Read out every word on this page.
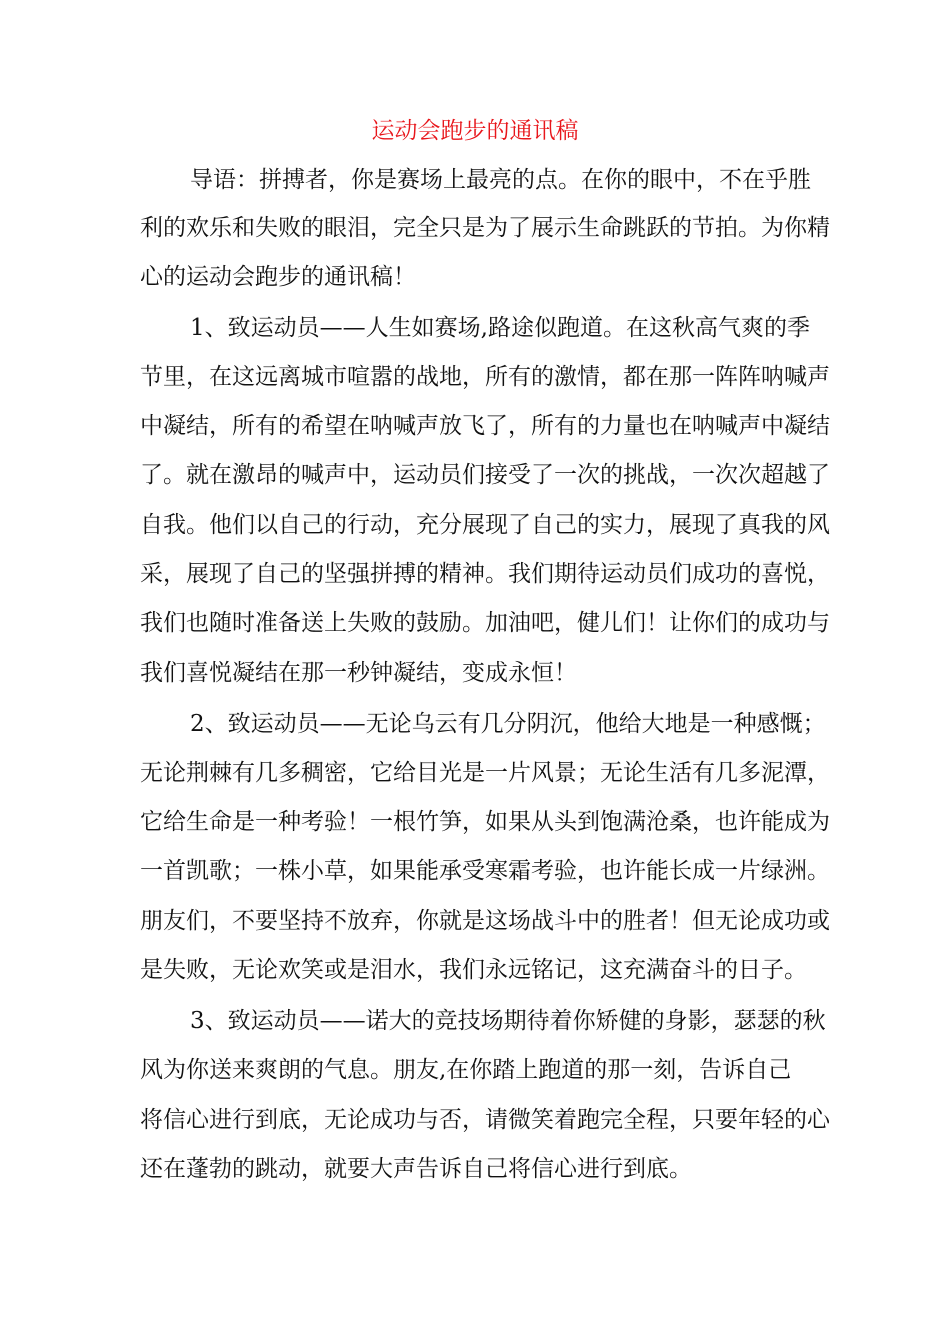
运动会跑步的通讯稿

导语：拼搏者，你是赛场上最亮的点。在你的眼中，不在乎胜

利的欢乐和失败的眼泪，完全只是为了展示生命跳跃的节拍。为你精

心的运动会跑步的通讯稿！

1、致运动员——人生如赛场,路途似跑道。在这秋高气爽的季

节里，在这远离城市喧嚣的战地，所有的激情，都在那一阵阵呐喊声

中凝结，所有的希望在呐喊声放飞了，所有的力量也在呐喊声中凝结

了。就在激昂的喊声中，运动员们接受了一次的挑战，一次次超越了

自我。他们以自己的行动，充分展现了自己的实力，展现了真我的风

采，展现了自己的坚强拼搏的精神。我们期待运动员们成功的喜悦，

我们也随时准备送上失败的鼓励。加油吧，健儿们！让你们的成功与

我们喜悦凝结在那一秒钟凝结，变成永恒！

2、致运动员——无论乌云有几分阴沉，他给大地是一种感慨；

无论荆棘有几多稠密，它给目光是一片风景；无论生活有几多泥潭，

它给生命是一种考验！一根竹笋，如果从头到饱满沧桑，也许能成为

一首凯歌；一株小草，如果能承受寒霜考验，也许能长成一片绿洲。

朋友们，不要坚持不放弃，你就是这场战斗中的胜者！但无论成功或

是失败，无论欢笑或是泪水，我们永远铭记，这充满奋斗的日子。

3、致运动员——诺大的竞技场期待着你矫健的身影，瑟瑟的秋

风为你送来爽朗的气息。朋友,在你踏上跑道的那一刻，告诉自己

将信心进行到底，无论成功与否，请微笑着跑完全程，只要年轻的心

还在蓬勃的跳动，就要大声告诉自己将信心进行到底。
